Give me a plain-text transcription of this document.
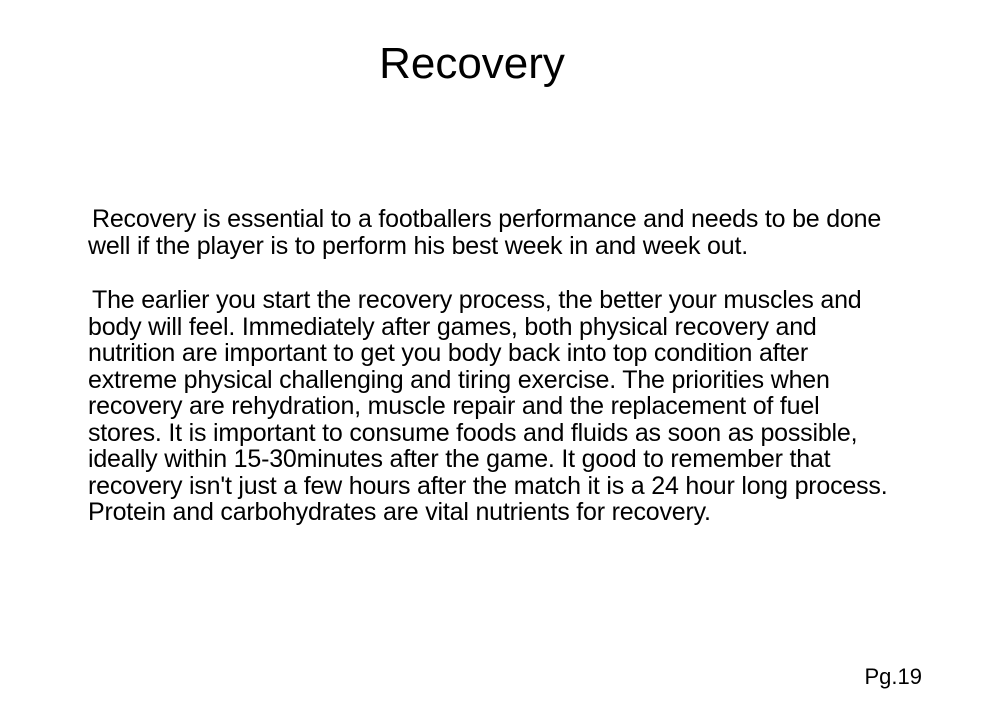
Recovery

Recovery is essential to a footballers performance and needs to be done well if the player is to perform his best week in and week out.

The earlier you start the recovery process, the better your muscles and body will feel. Immediately after games, both physical recovery and nutrition are important to get you body back into top condition after extreme physical challenging and tiring exercise. The priorities when recovery are rehydration, muscle repair and the replacement of fuel stores. It is important to consume foods and fluids as soon as possible, ideally within 15-30minutes after the game. It good to remember that recovery isn't just a few hours after the match it is a 24 hour long process. Protein and carbohydrates are vital nutrients for recovery.

Pg.19
